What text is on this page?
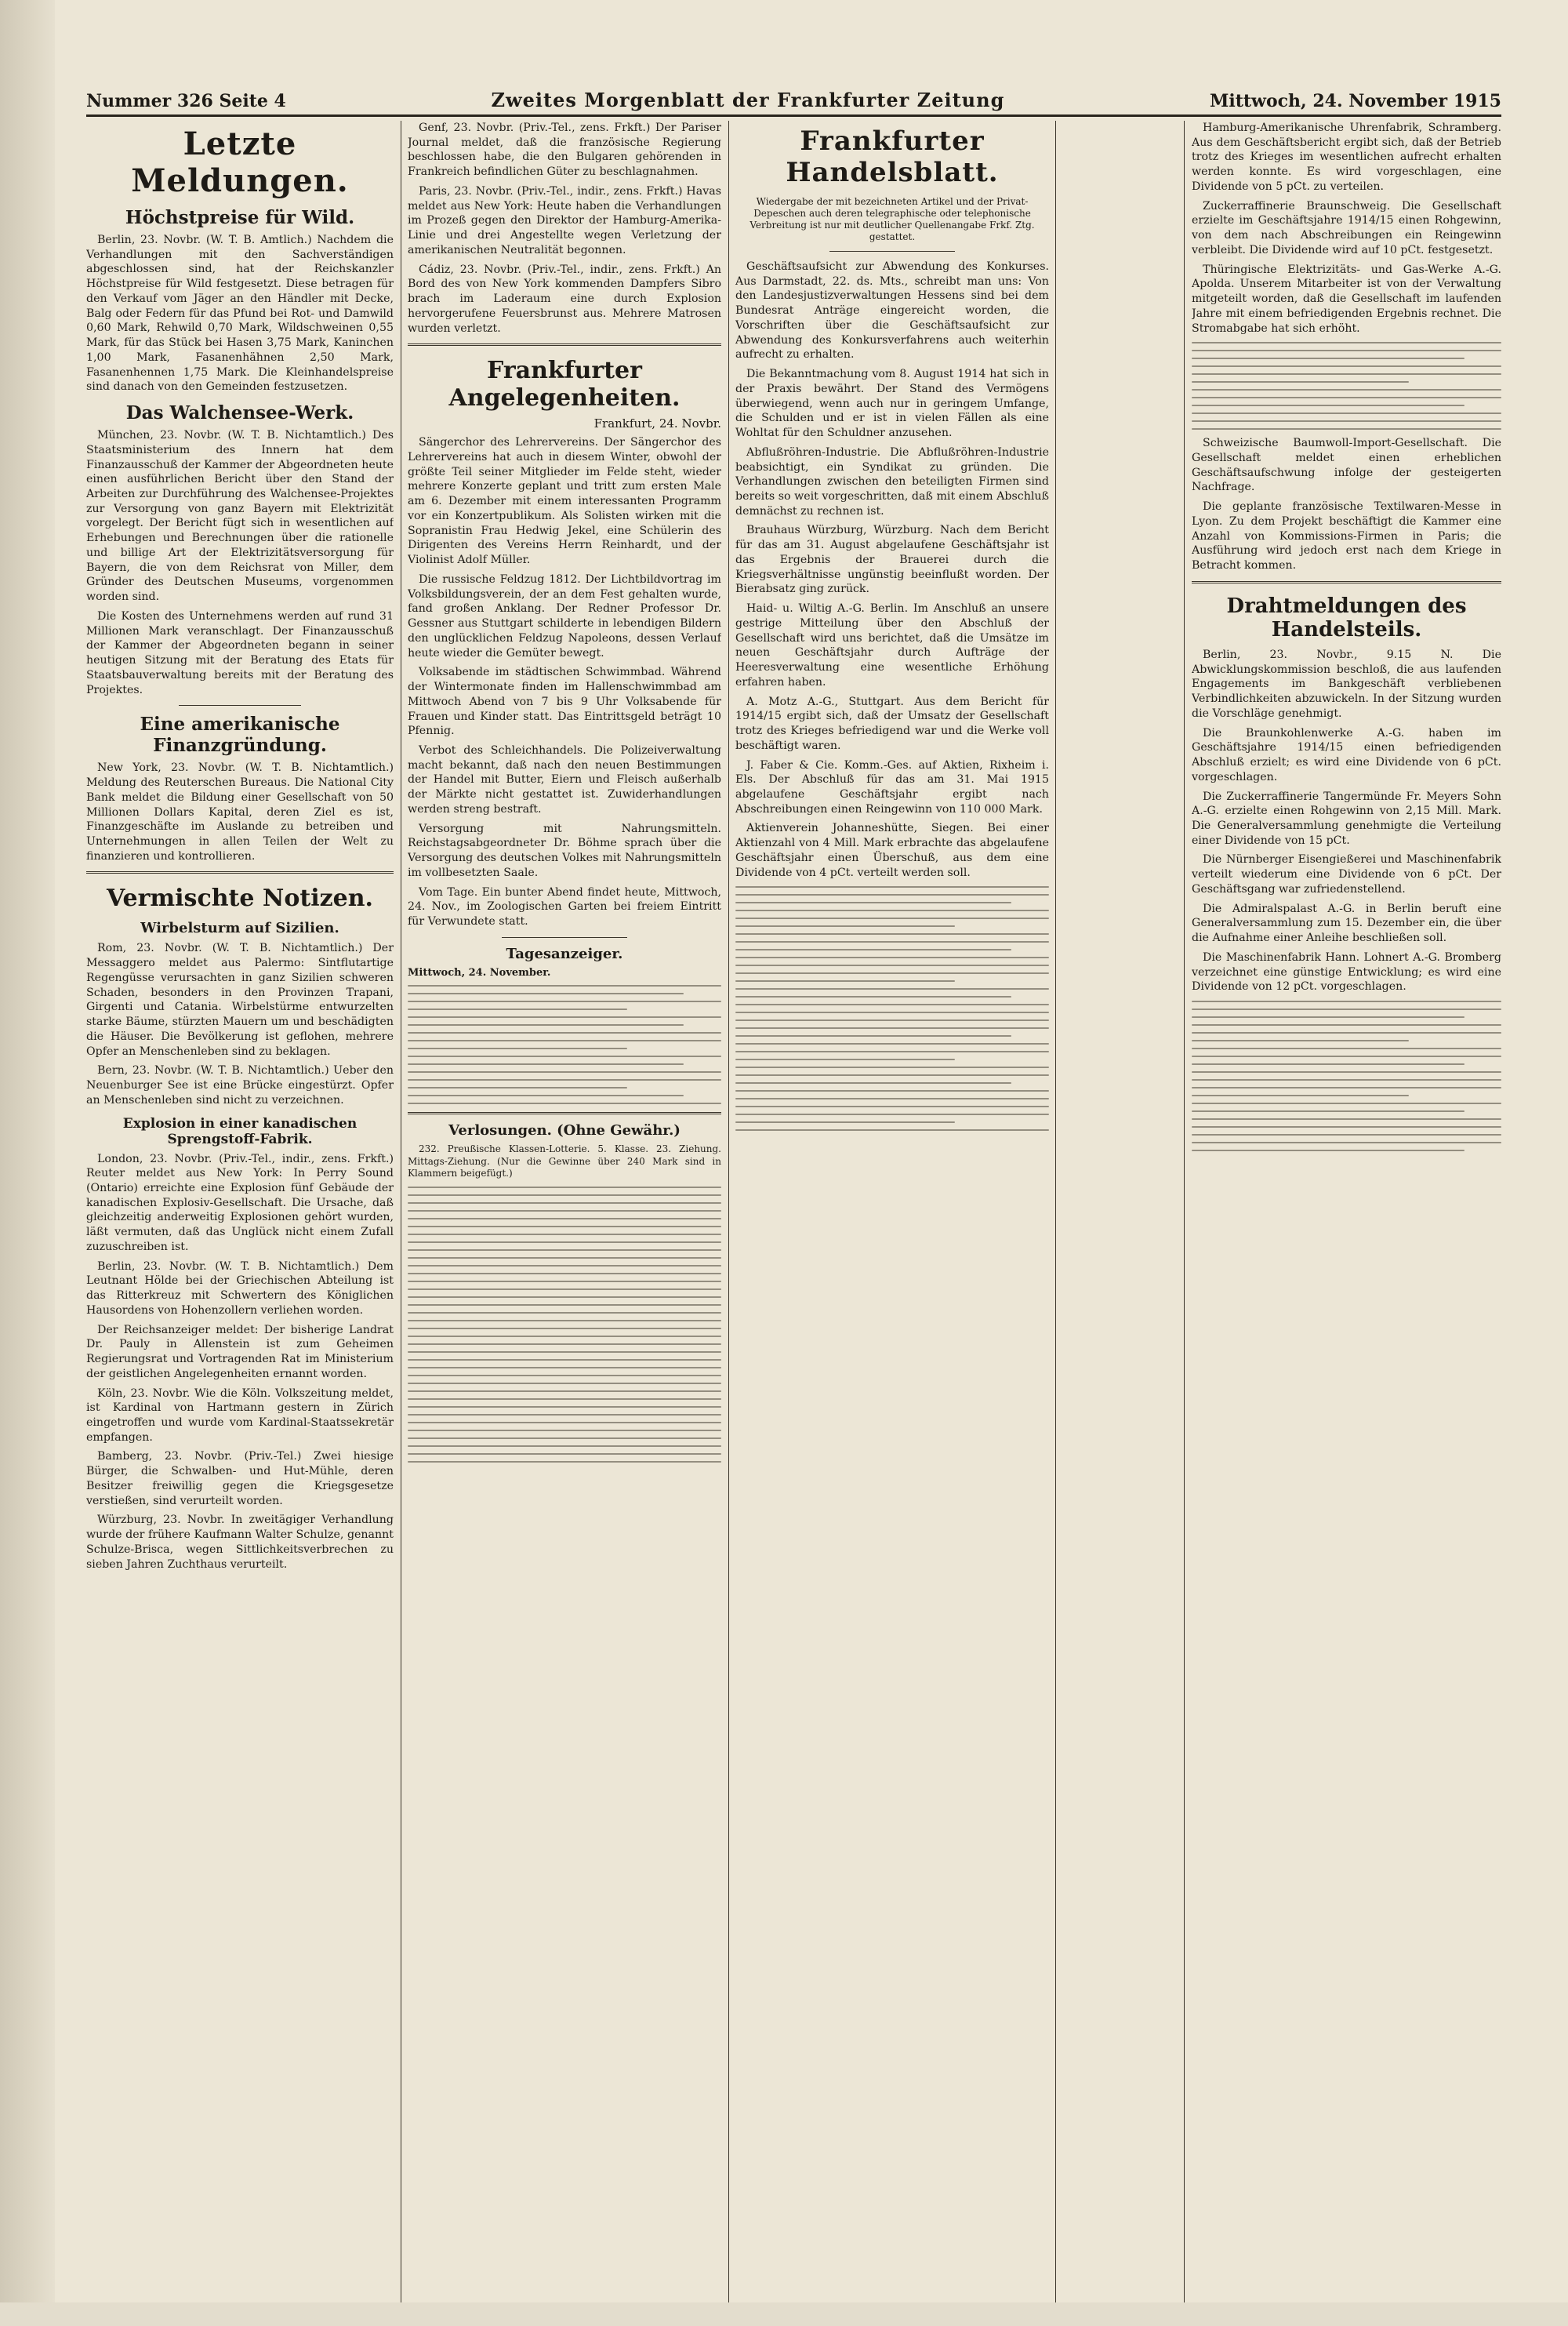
Nummer 326 Seite 4	Zweites Morgenblatt der Frankfurter Zeitung	Mittwoch, 24. November 1915
Letzte Meldungen.
Höchstpreise für Wild.

Berlin, 23. Novbr. (W. T. B. Amtlich.) Nachdem die Verhandlungen mit den Sachverständigen abgeschlossen sind, hat der Reichskanzler Höchstpreise für Wild festgesetzt. Diese betragen für den Verkauf vom Jäger an den Händler mit Decke, Balg oder Federn für das Pfund bei Rot- und Damwild 0,60 Mark, Rehwild 0,70 Mark, Wildschweinen 0,55 Mark, für das Stück bei Hasen 3,75 Mark, Kaninchen 1,00 Mark, Fasanenhähnen 2,50 Mark, Fasanenhennen 1,75 Mark. Die Kleinhandelspreise sind danach von den Gemeinden festzusetzen.

Das Walchensee-Werk.

München, 23. Novbr. (W. T. B. Nichtamtlich.) Des Staatsministerium des Innern hat dem Finanzausschuß der Kammer der Abgeordneten heute einen ausführlichen Bericht über den Stand der Arbeiten zur Durchführung des Walchensee-Projektes zur Versorgung von ganz Bayern mit Elektrizität vorgelegt. Der Bericht fügt sich in wesentlichen auf Erhebungen und Berechnungen über die rationelle und billige Art der Elektrizitätsversorgung für Bayern, die von dem Reichsrat von Miller, dem Gründer des Deutschen Museums, vorgenommen worden sind.

Die Kosten des Unternehmens werden auf rund 31 Millionen Mark veranschlagt. Der Finanzausschuß der Kammer der Abgeordneten begann in seiner heutigen Sitzung mit der Beratung des Etats für Staatsbauverwaltung bereits mit der Beratung des Projektes.

Eine amerikanische Finanzgründung.

New York, 23. Novbr. (W. T. B. Nichtamtlich.) Meldung des Reuterschen Bureaus. Die National City Bank meldet die Bildung einer Gesellschaft von 50 Millionen Dollars Kapital, deren Ziel es ist, Finanzgeschäfte im Auslande zu betreiben und Unternehmungen in allen Teilen der Welt zu finanzieren und kontrollieren.

Vermischte Notizen.
Wirbelsturm auf Sizilien.

Rom, 23. Novbr. (W. T. B. Nichtamtlich.) Der Messaggero meldet aus Palermo: Sintflutartige Regengüsse verursachten in ganz Sizilien schweren Schaden, besonders in den Provinzen Trapani, Girgenti und Catania. Wirbelstürme entwurzelten starke Bäume, stürzten Mauern um und beschädigten die Häuser. Die Bevölkerung ist geflohen, mehrere Opfer an Menschenleben sind zu beklagen.

Bern, 23. Novbr. (W. T. B. Nichtamtlich.) Ueber den Neuenburger See ist eine Brücke eingestürzt. Opfer an Menschenleben sind nicht zu verzeichnen.

Explosion in einer kanadischen Sprengstoff-Fabrik.

London, 23. Novbr. (Priv.-Tel., indir., zens. Frkft.) Reuter meldet aus New York: In Perry Sound (Ontario) erreichte eine Explosion fünf Gebäude der kanadischen Explosiv-Gesellschaft. Die Ursache, daß gleichzeitig anderweitig Explosionen gehört wurden, läßt vermuten, daß das Unglück nicht einem Zufall zuzuschreiben ist.

Berlin, 23. Novbr. (W. T. B. Nichtamtlich.) Dem Leutnant Hölde bei der Griechischen Abteilung ist das Ritterkreuz mit Schwertern des Königlichen Hausordens von Hohenzollern verliehen worden.

Der Reichsanzeiger meldet: Der bisherige Landrat Dr. Pauly in Allenstein ist zum Geheimen Regierungsrat und Vortragenden Rat im Ministerium der geistlichen Angelegenheiten ernannt worden.

Köln, 23. Novbr. Wie die Köln. Volkszeitung meldet, ist Kardinal von Hartmann gestern in Zürich eingetroffen und wurde vom Kardinal-Staatssekretär empfangen.

Bamberg, 23. Novbr. (Priv.-Tel.) Zwei hiesige Bürger, die Schwalben- und Hut-Mühle, deren Besitzer freiwillig gegen die Kriegsgesetze verstießen, sind verurteilt worden.

Würzburg, 23. Novbr. In zweitägiger Verhandlung wurde der frühere Kaufmann Walter Schulze, genannt Schulze-Brisca, wegen Sittlichkeitsverbrechen zu sieben Jahren Zuchthaus verurteilt.

Genf, 23. Novbr. (Priv.-Tel., zens. Frkft.) Der Pariser Journal meldet, daß die französische Regierung beschlossen habe, die den Bulgaren gehörenden in Frankreich befindlichen Güter zu beschlagnahmen.

Paris, 23. Novbr. (Priv.-Tel., indir., zens. Frkft.) Havas meldet aus New York: Heute haben die Verhandlungen im Prozeß gegen den Direktor der Hamburg-Amerika-Linie und drei Angestellte wegen Verletzung der amerikanischen Neutralität begonnen.

Cádiz, 23. Novbr. (Priv.-Tel., indir., zens. Frkft.) An Bord des von New York kommenden Dampfers Sibro brach im Laderaum eine durch Explosion hervorgerufene Feuersbrunst aus. Mehrere Matrosen wurden verletzt.

Frankfurter Angelegenheiten.
Frankfurt, 24. Novbr.

Sängerchor des Lehrervereins. Der Sängerchor des Lehrervereins hat auch in diesem Winter, obwohl der größte Teil seiner Mitglieder im Felde steht, wieder mehrere Konzerte geplant und tritt zum ersten Male am 6. Dezember mit einem interessanten Programm vor ein Konzertpublikum. Als Solisten wirken mit die Sopranistin Frau Hedwig Jekel, eine Schülerin des Dirigenten des Vereins Herrn Reinhardt, und der Violinist Adolf Müller.

Die russische Feldzug 1812. Der Lichtbildvortrag im Volksbildungsverein, der an dem Fest gehalten wurde, fand großen Anklang. Der Redner Professor Dr. Gessner aus Stuttgart schilderte in lebendigen Bildern den unglücklichen Feldzug Napoleons, dessen Verlauf heute wieder die Gemüter bewegt.

Volksabende im städtischen Schwimmbad. Während der Wintermonate finden im Hallenschwimmbad am Mittwoch Abend von 7 bis 9 Uhr Volksabende für Frauen und Kinder statt. Das Eintrittsgeld beträgt 10 Pfennig.

Verbot des Schleichhandels. Die Polizeiverwaltung macht bekannt, daß nach den neuen Bestimmungen der Handel mit Butter, Eiern und Fleisch außerhalb der Märkte nicht gestattet ist. Zuwiderhandlungen werden streng bestraft.

Versorgung mit Nahrungsmitteln. Reichstagsabgeordneter Dr. Böhme sprach über die Versorgung des deutschen Volkes mit Nahrungsmitteln im vollbesetzten Saale.

Vom Tage. Ein bunter Abend findet heute, Mittwoch, 24. Nov., im Zoologischen Garten bei freiem Eintritt für Verwundete statt.

Tagesanzeiger.
Mittwoch, 24. November.
Verlosungen. (Ohne Gewähr.)

232. Preußische Klassen-Lotterie. 5. Klasse. 23. Ziehung. Mittags-Ziehung. (Nur die Gewinne über 240 Mark sind in Klammern beigefügt.)

Frankfurter Handelsblatt.
Wiedergabe der mit bezeichneten Artikel und der Privat-Depeschen auch deren telegraphische oder telephonische Verbreitung ist nur mit deutlicher Quellenangabe Frkf. Ztg. gestattet.

Geschäftsaufsicht zur Abwendung des Konkurses. Aus Darmstadt, 22. ds. Mts., schreibt man uns: Von den Landesjustizverwaltungen Hessens sind bei dem Bundesrat Anträge eingereicht worden, die Vorschriften über die Geschäftsaufsicht zur Abwendung des Konkursverfahrens auch weiterhin aufrecht zu erhalten.

Die Bekanntmachung vom 8. August 1914 hat sich in der Praxis bewährt. Der Stand des Vermögens überwiegend, wenn auch nur in geringem Umfange, die Schulden und er ist in vielen Fällen als eine Wohltat für den Schuldner anzusehen.

Abflußröhren-Industrie. Die Abflußröhren-Industrie beabsichtigt, ein Syndikat zu gründen. Die Verhandlungen zwischen den beteiligten Firmen sind bereits so weit vorgeschritten, daß mit einem Abschluß demnächst zu rechnen ist.

Brauhaus Würzburg, Würzburg. Nach dem Bericht für das am 31. August abgelaufene Geschäftsjahr ist das Ergebnis der Brauerei durch die Kriegsverhältnisse ungünstig beeinflußt worden. Der Bierabsatz ging zurück.

Haid- u. Wiltig A.-G. Berlin. Im Anschluß an unsere gestrige Mitteilung über den Abschluß der Gesellschaft wird uns berichtet, daß die Umsätze im neuen Geschäftsjahr durch Aufträge der Heeresverwaltung eine wesentliche Erhöhung erfahren haben.

A. Motz A.-G., Stuttgart. Aus dem Bericht für 1914/15 ergibt sich, daß der Umsatz der Gesellschaft trotz des Krieges befriedigend war und die Werke voll beschäftigt waren.

J. Faber & Cie. Komm.-Ges. auf Aktien, Rixheim i. Els. Der Abschluß für das am 31. Mai 1915 abgelaufene Geschäftsjahr ergibt nach Abschreibungen einen Reingewinn von 110 000 Mark.

Aktienverein Johanneshütte, Siegen. Bei einer Aktienzahl von 4 Mill. Mark erbrachte das abgelaufene Geschäftsjahr einen Überschuß, aus dem eine Dividende von 4 pCt. verteilt werden soll.

Hamburg-Amerikanische Uhrenfabrik, Schramberg. Aus dem Geschäftsbericht ergibt sich, daß der Betrieb trotz des Krieges im wesentlichen aufrecht erhalten werden konnte. Es wird vorgeschlagen, eine Dividende von 5 pCt. zu verteilen.

Zuckerraffinerie Braunschweig. Die Gesellschaft erzielte im Geschäftsjahre 1914/15 einen Rohgewinn, von dem nach Abschreibungen ein Reingewinn verbleibt. Die Dividende wird auf 10 pCt. festgesetzt.

Thüringische Elektrizitäts- und Gas-Werke A.-G. Apolda. Unserem Mitarbeiter ist von der Verwaltung mitgeteilt worden, daß die Gesellschaft im laufenden Jahre mit einem befriedigenden Ergebnis rechnet. Die Stromabgabe hat sich erhöht.

Schweizische Baumwoll-Import-Gesellschaft. Die Gesellschaft meldet einen erheblichen Geschäftsaufschwung infolge der gesteigerten Nachfrage.

Die geplante französische Textilwaren-Messe in Lyon. Zu dem Projekt beschäftigt die Kammer eine Anzahl von Kommissions-Firmen in Paris; die Ausführung wird jedoch erst nach dem Kriege in Betracht kommen.

Drahtmeldungen des Handelsteils.

Berlin, 23. Novbr., 9.15 N. Die Abwicklungskommission beschloß, die aus laufenden Engagements im Bankgeschäft verbliebenen Verbindlichkeiten abzuwickeln. In der Sitzung wurden die Vorschläge genehmigt.

Die Braunkohlenwerke A.-G. haben im Geschäftsjahre 1914/15 einen befriedigenden Abschluß erzielt; es wird eine Dividende von 6 pCt. vorgeschlagen.

Die Zuckerraffinerie Tangermünde Fr. Meyers Sohn A.-G. erzielte einen Rohgewinn von 2,15 Mill. Mark. Die Generalversammlung genehmigte die Verteilung einer Dividende von 15 pCt.

Die Nürnberger Eisengießerei und Maschinenfabrik verteilt wiederum eine Dividende von 6 pCt. Der Geschäftsgang war zufriedenstellend.

Die Admiralspalast A.-G. in Berlin beruft eine Generalversammlung zum 15. Dezember ein, die über die Aufnahme einer Anleihe beschließen soll.

Die Maschinenfabrik Hann. Lohnert A.-G. Bromberg verzeichnet eine günstige Entwicklung; es wird eine Dividende von 12 pCt. vorgeschlagen.
